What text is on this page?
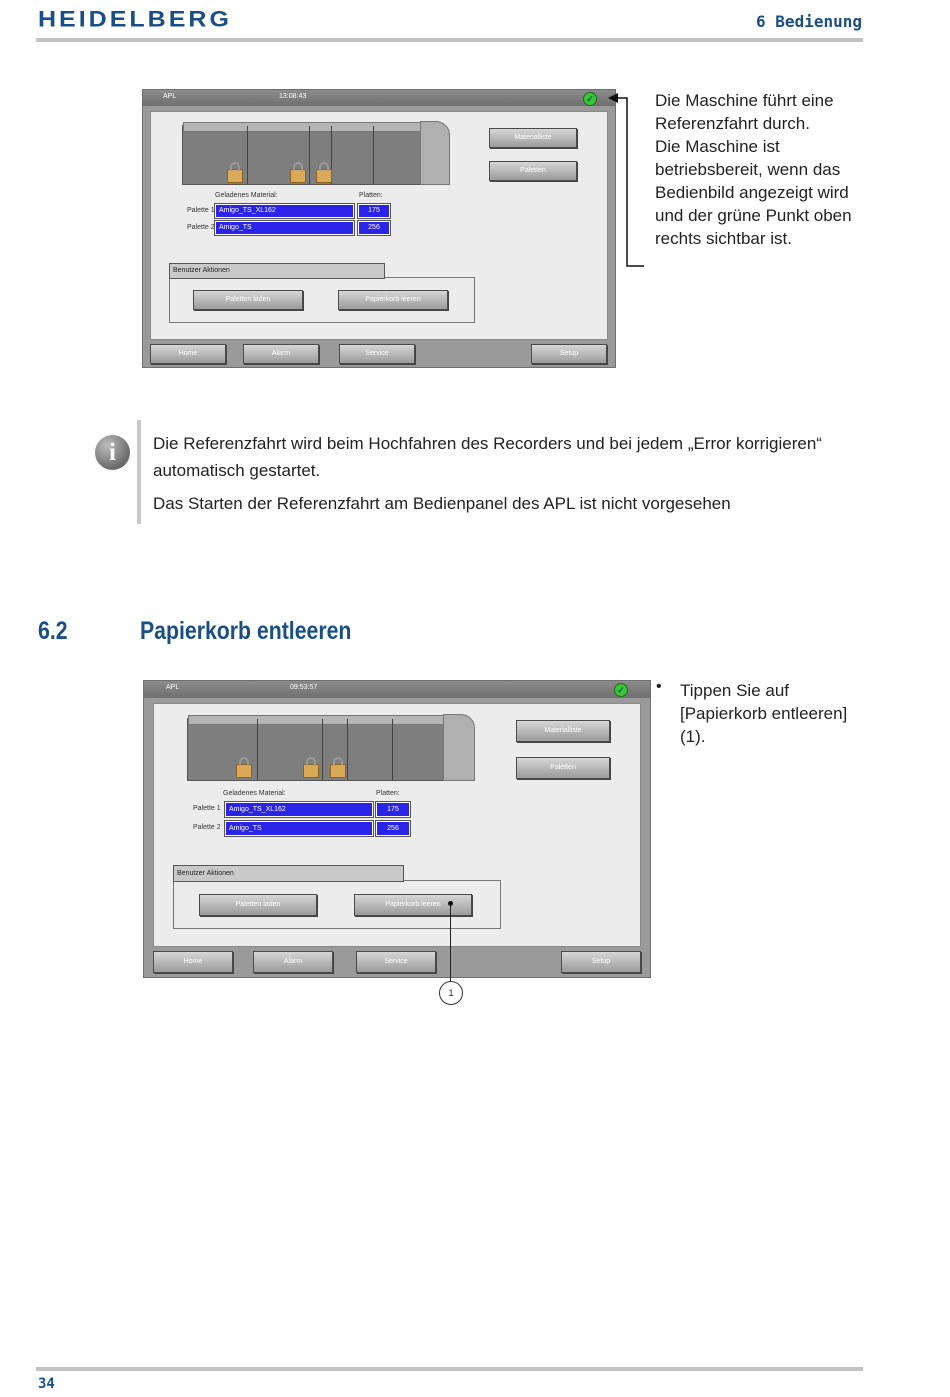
HEIDELBERG	6 Bedienung
APL	13:08:43	✓
Materialliste
Paletten
Geladenes Material:	Platten:
Palette 1 Amigo_TS_XL162	175
Palette 2 Amigo_TS	256
Benutzer Aktionen
Paletten laden	Papierkorb leeren
Home	Alarm	Service	Setup

Die Maschine führt eine Referenzfahrt durch.

Die Maschine ist betriebsbereit, wenn das Bedienbild angezeigt wird und der grüne Punkt oben rechts sichtbar ist.

i	Die Referenzfahrt wird beim Hochfahren des Recorders und bei jedem „Error korrigieren“ automatisch gestartet.

Das Starten der Referenzfahrt am Bedienpanel des APL ist nicht vorgesehen

6.2	Papierkorb entleeren
APL	09:53:57	✓
Materialliste
Paletten
Geladenes Material:	Platten:
Palette 1	Amigo_TS_XL162	175
Palette 2	Amigo_TS	256
Benutzer Aktionen
Paletten laden	Papierkorb leeren
Home	Alarm	Service	Setup
1
• Tippen Sie auf [Papierkorb entleeren] (1).

34
